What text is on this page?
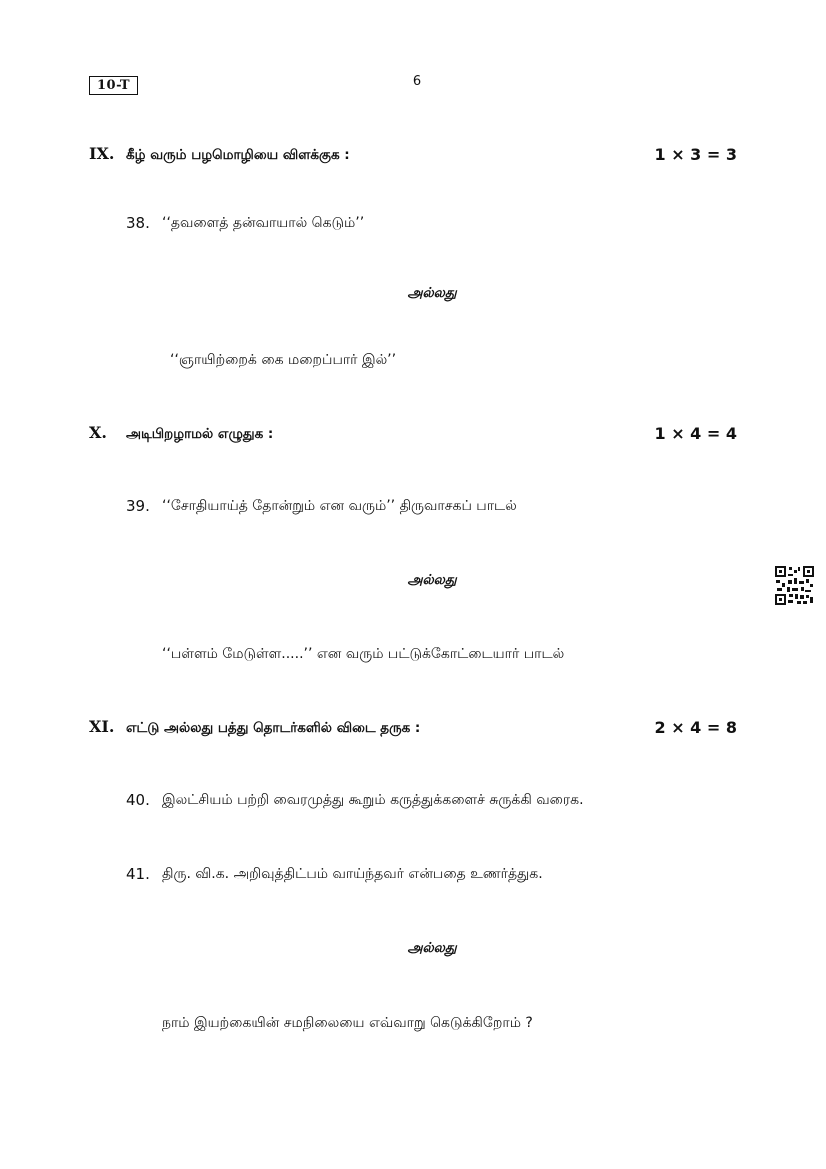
10-T	6
IX. கீழ் வரும் பழமொழியை விளக்குக :	1 × 3 = 3
38. ‘‘தவளைத் தன்வாயால் கெடும்’’
அல்லது
‘‘ஞாயிற்றைக் கை மறைப்பார் இல்’’
X. அடிபிறழாமல் எழுதுக :	1 × 4 = 4
39. ‘‘சோதியாய்த் தோன்றும் என வரும்’’ திருவாசகப் பாடல்
அல்லது
‘‘பள்ளம் மேடுள்ள.....’’ என வரும் பட்டுக்கோட்டையார் பாடல்
XI. எட்டு அல்லது பத்து தொடர்களில் விடை தருக :	2 × 4 = 8
40. இலட்சியம் பற்றி வைரமுத்து கூறும் கருத்துக்களைச் சுருக்கி வரைக.
41. திரு. வி.க. அறிவுத்திட்பம் வாய்ந்தவர் என்பதை உணர்த்துக.
அல்லது
நாம் இயற்கையின் சமநிலையை எவ்வாறு கெடுக்கிறோம் ?
